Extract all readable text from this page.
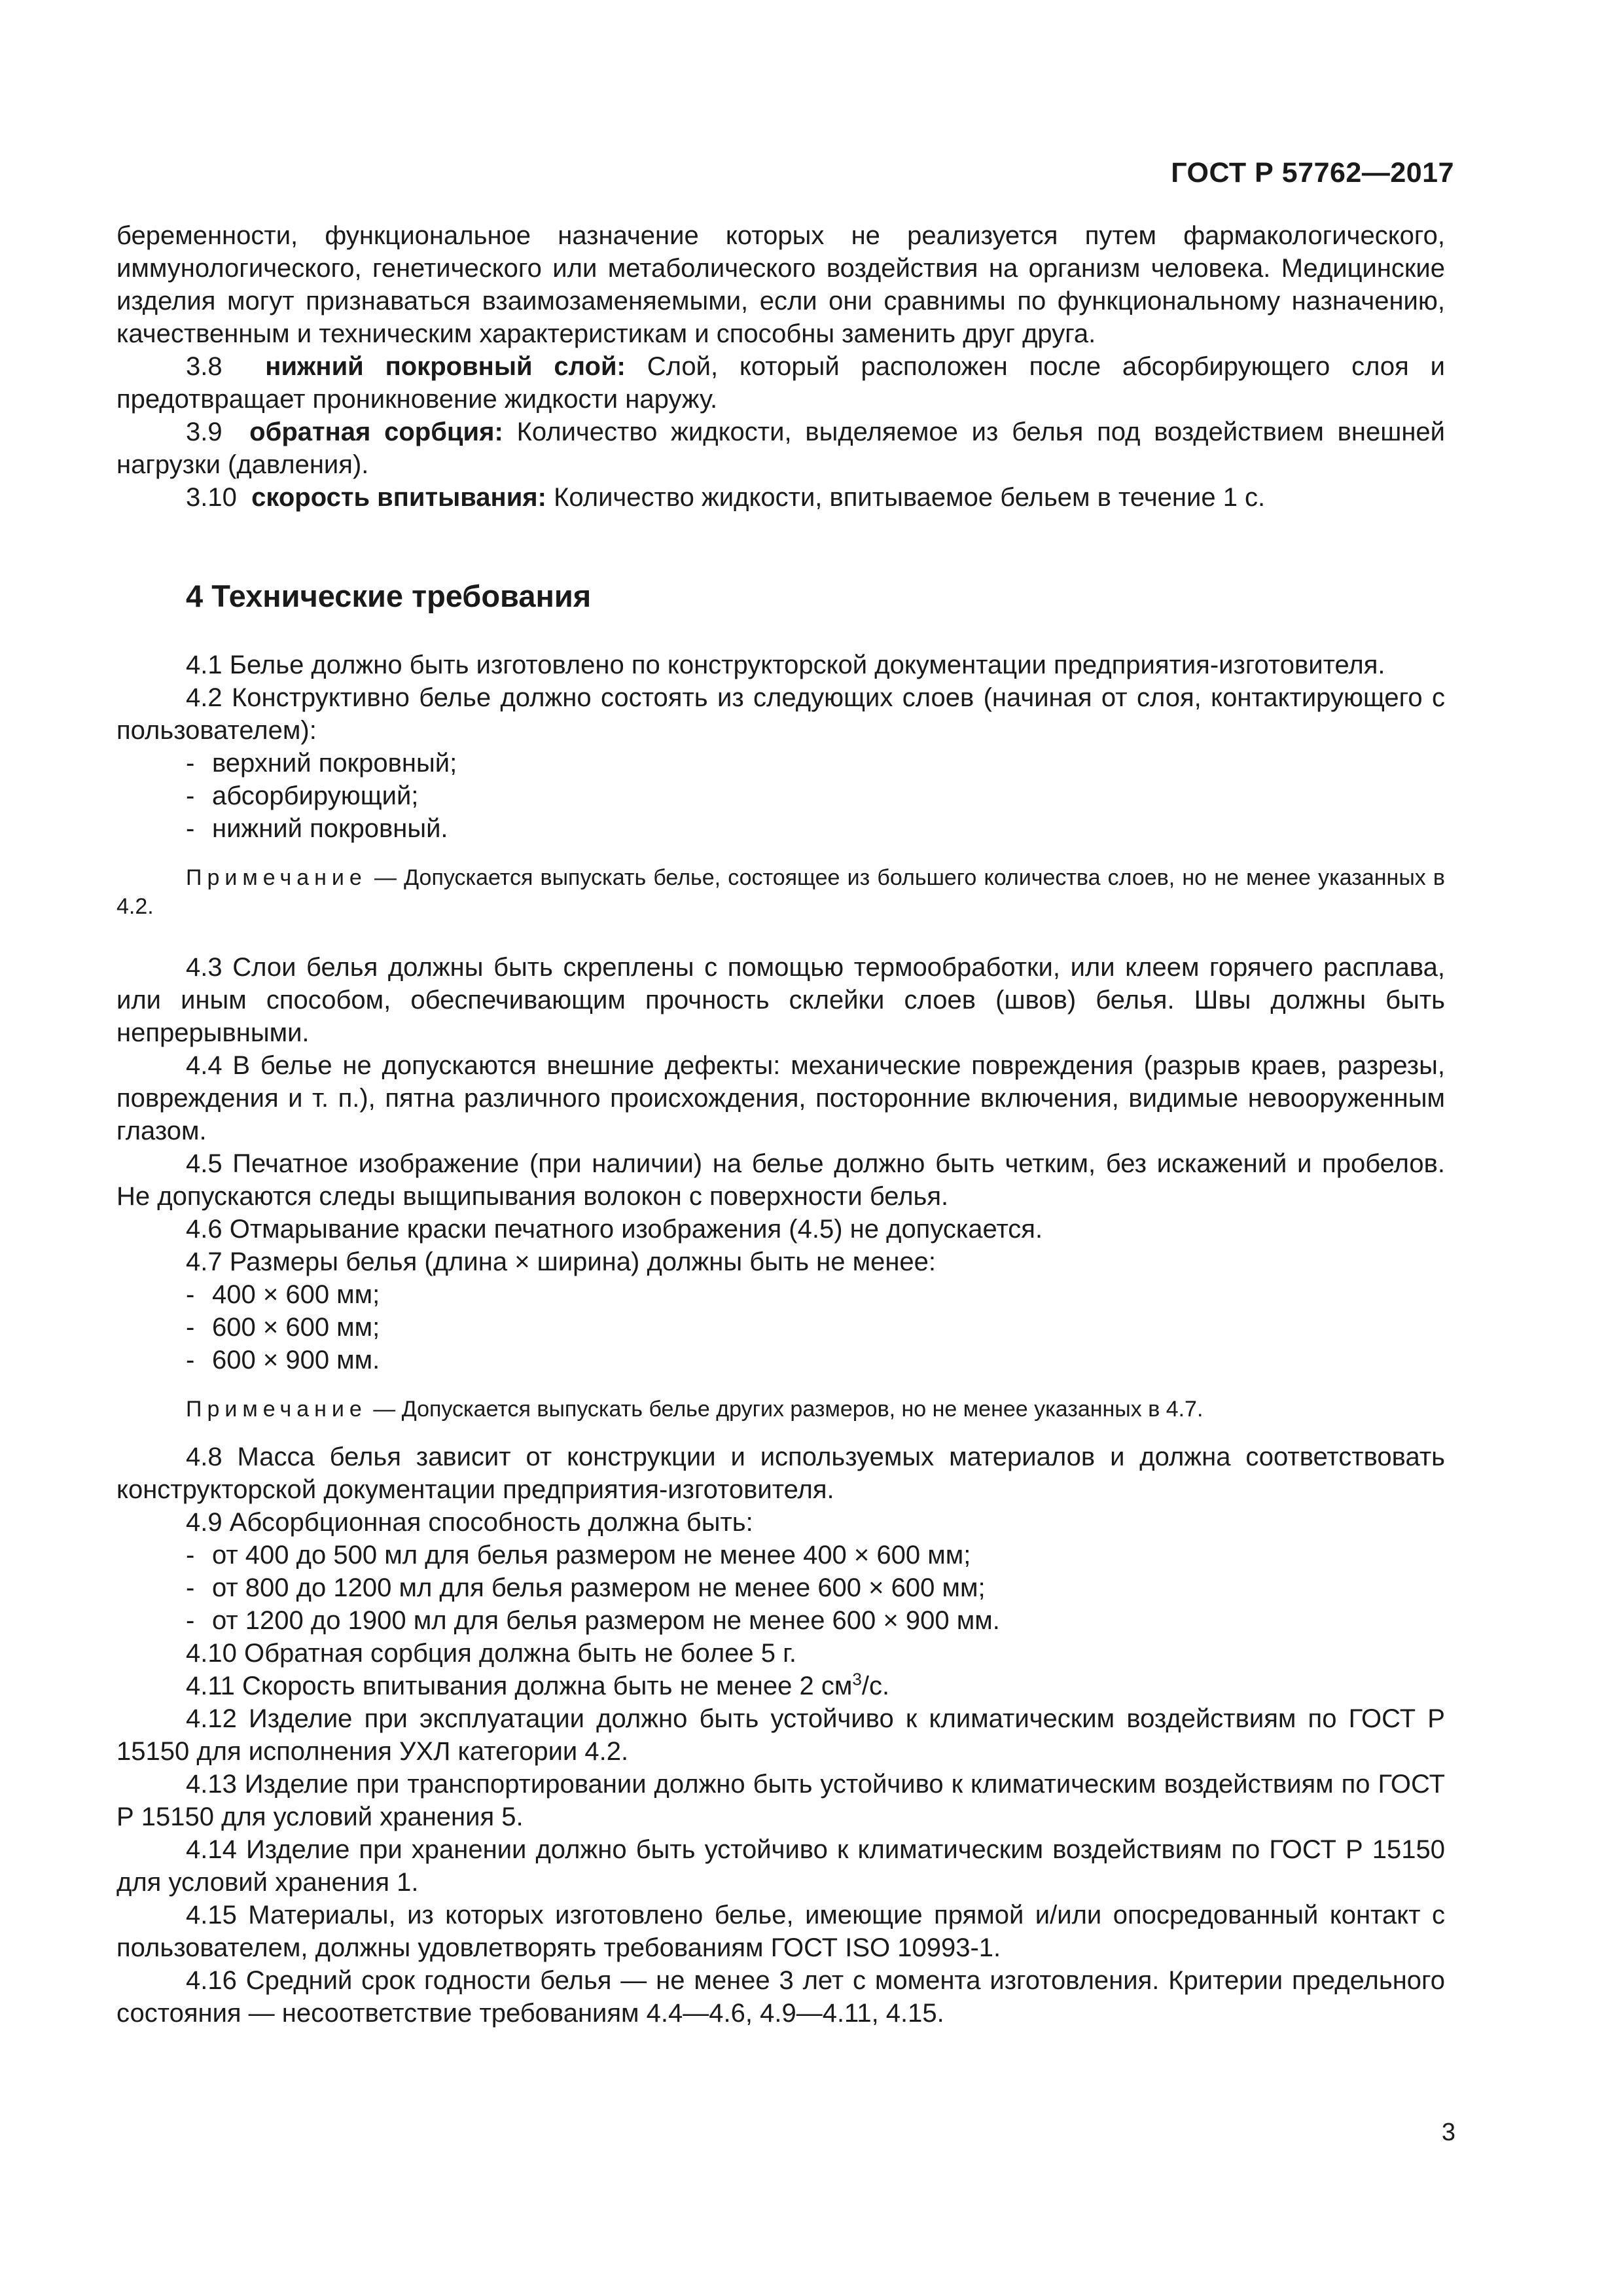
ГОСТ Р 57762—2017

беременности, функциональное назначение которых не реализуется путем фармакологического, иммунологического, генетического или метаболического воздействия на организм человека. Медицинские изделия могут признаваться взаимозаменяемыми, если они сравнимы по функциональному назначению, качественным и техническим характеристикам и способны заменить друг друга.

3.8 нижний покровный слой: Слой, который расположен после абсорбирующего слоя и предотвращает проникновение жидкости наружу.

3.9 обратная сорбция: Количество жидкости, выделяемое из белья под воздействием внешней нагрузки (давления).

3.10 скорость впитывания: Количество жидкости, впитываемое бельем в течение 1 с.

4 Технические требования

4.1 Белье должно быть изготовлено по конструкторской документации предприятия-изготовителя.

4.2 Конструктивно белье должно состоять из следующих слоев (начиная от слоя, контактирующего с пользователем):

- верхний покровный;
- абсорбирующий;
- нижний покровный.

Примечание — Допускается выпускать белье, состоящее из большего количества слоев, но не менее указанных в 4.2.

4.3 Слои белья должны быть скреплены с помощью термообработки, или клеем горячего расплава, или иным способом, обеспечивающим прочность склейки слоев (швов) белья. Швы должны быть непрерывными.

4.4 В белье не допускаются внешние дефекты: механические повреждения (разрыв краев, разрезы, повреждения и т. п.), пятна различного происхождения, посторонние включения, видимые невооруженным глазом.

4.5 Печатное изображение (при наличии) на белье должно быть четким, без искажений и пробелов. Не допускаются следы выщипывания волокон с поверхности белья.

4.6 Отмарывание краски печатного изображения (4.5) не допускается.

4.7 Размеры белья (длина × ширина) должны быть не менее:

- 400 × 600 мм;
- 600 × 600 мм;
- 600 × 900 мм.

Примечание — Допускается выпускать белье других размеров, но не менее указанных в 4.7.

4.8 Масса белья зависит от конструкции и используемых материалов и должна соответствовать конструкторской документации предприятия-изготовителя.

4.9 Абсорбционная способность должна быть:

- от 400 до 500 мл для белья размером не менее 400 × 600 мм;
- от 800 до 1200 мл для белья размером не менее 600 × 600 мм;
- от 1200 до 1900 мл для белья размером не менее 600 × 900 мм.

4.10 Обратная сорбция должна быть не более 5 г.

4.11 Скорость впитывания должна быть не менее 2 $см^3/с$.

4.12 Изделие при эксплуатации должно быть устойчиво к климатическим воздействиям по ГОСТ Р 15150 для исполнения УХЛ категории 4.2.

4.13 Изделие при транспортировании должно быть устойчиво к климатическим воздействиям по ГОСТ Р 15150 для условий хранения 5.

4.14 Изделие при хранении должно быть устойчиво к климатическим воздействиям по ГОСТ Р 15150 для условий хранения 1.

4.15 Материалы, из которых изготовлено белье, имеющие прямой и/или опосредованный контакт с пользователем, должны удовлетворять требованиям ГОСТ ISO 10993-1.

4.16 Средний срок годности белья — не менее 3 лет с момента изготовления. Критерии предельного состояния — несоответствие требованиям 4.4—4.6, 4.9—4.11, 4.15.

3
